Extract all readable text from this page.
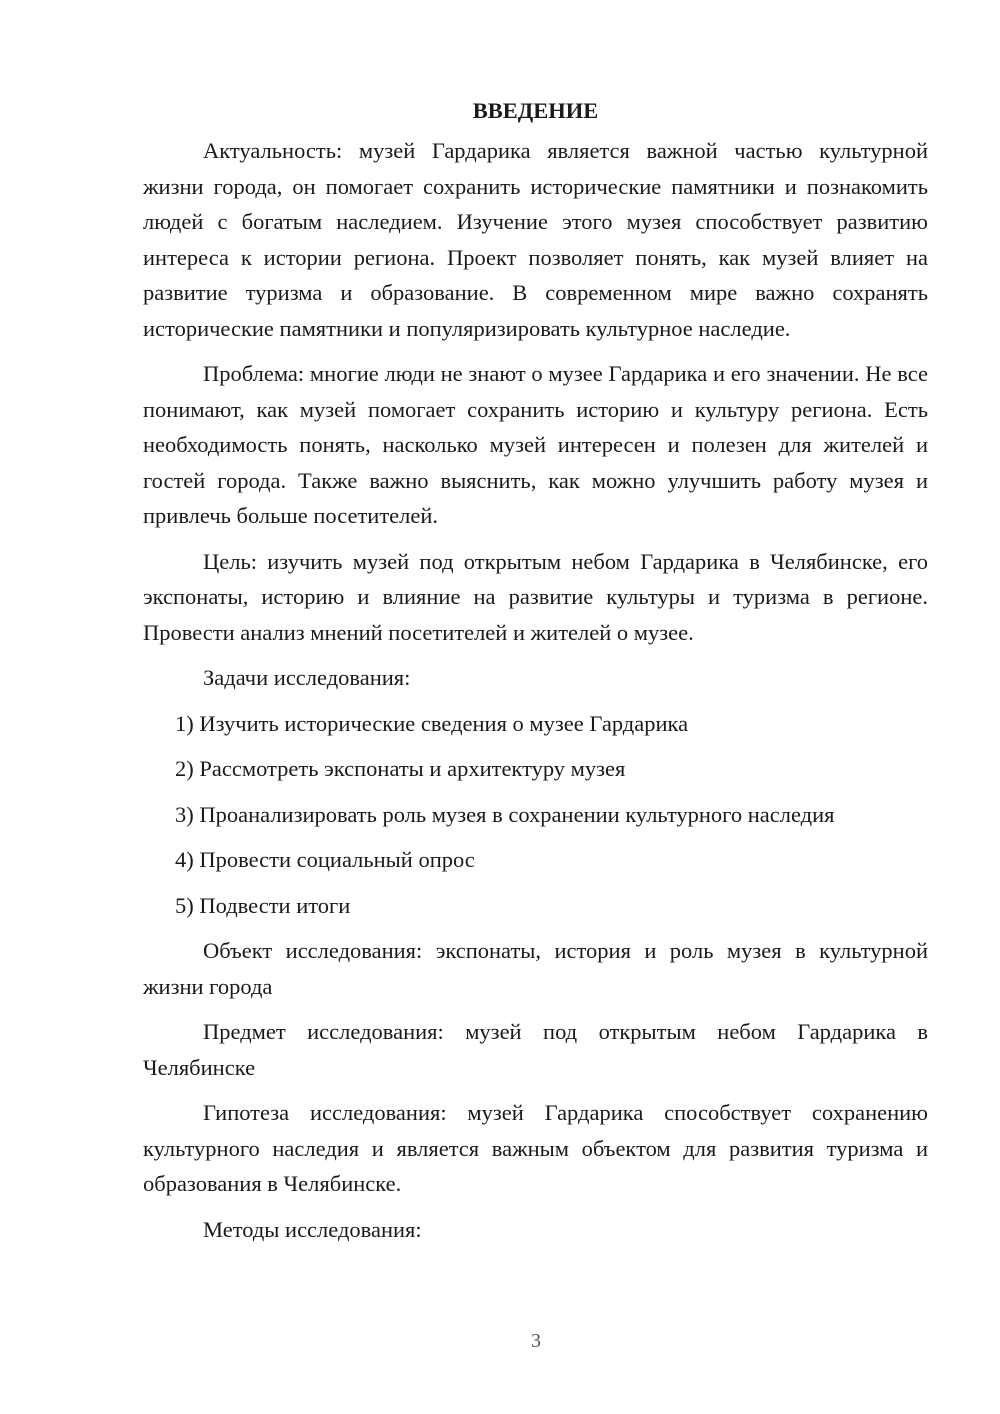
ВВЕДЕНИЕ

Актуальность: музей Гардарика является важной частью культурной жизни города, он помогает сохранить исторические памятники и познакомить людей с богатым наследием. Изучение этого музея способствует развитию интереса к истории региона. Проект позволяет понять, как музей влияет на развитие туризма и образование. В современном мире важно сохранять исторические памятники и популяризировать культурное наследие.

Проблема: многие люди не знают о музее Гардарика и его значении. Не все понимают, как музей помогает сохранить историю и культуру региона. Есть необходимость понять, насколько музей интересен и полезен для жителей и гостей города. Также важно выяснить, как можно улучшить работу музея и привлечь больше посетителей.

Цель: изучить музей под открытым небом Гардарика в Челябинске, его экспонаты, историю и влияние на развитие культуры и туризма в регионе. Провести анализ мнений посетителей и жителей о музее.

Задачи исследования:

1) Изучить исторические сведения о музее Гардарика

2) Рассмотреть экспонаты и архитектуру музея

3) Проанализировать роль музея в сохранении культурного наследия

4) Провести социальный опрос

5) Подвести итоги

Объект исследования: экспонаты, история и роль музея в культурной жизни города

Предмет исследования: музей под открытым небом Гардарика в Челябинске

Гипотеза исследования: музей Гардарика способствует сохранению культурного наследия и является важным объектом для развития туризма и образования в Челябинске.

Методы исследования:

3
